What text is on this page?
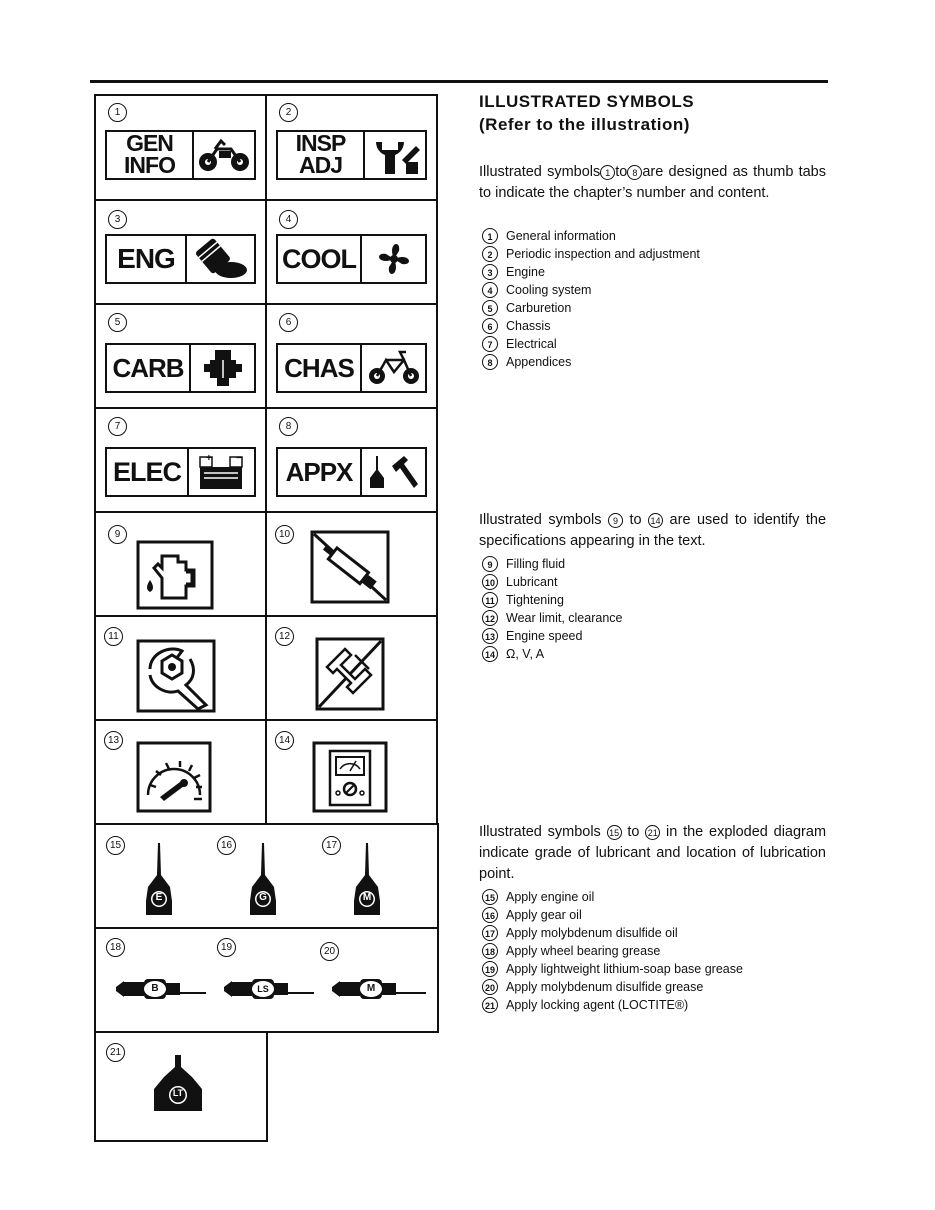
1
GEN
INFO
2
INSP
ADJ
3
ENG
4
COOL
5
CARB
6
CHAS
7
ELEC	+ −
8
APPX
9	10
11	12
13	14
15	16	17
E	G	M
18	19	20
B	LS	M
21
LT
ILLUSTRATED SYMBOLS
(Refer to the illustration)
Illustrated symbols 1 to 8 are designed as thumb tabs to indicate the chapter’s number and content.
1	General information
2	Periodic inspection and adjustment
3	Engine
4	Cooling system
5	Carburetion
6	Chassis
7	Electrical
8	Appendices
Illustrated symbols 9 to 14 are used to identify the specifications appearing in the text.
9	Filling fluid
10 Lubricant
11 Tightening
12 Wear limit, clearance
13 Engine speed
14 Ω, V, A
Illustrated symbols 15 to 21 in the exploded diagram indicate grade of lubricant and location of lubrication point.
15 Apply engine oil
16 Apply gear oil
17 Apply molybdenum disulfide oil
18 Apply wheel bearing grease
19 Apply lightweight lithium-soap base grease
20 Apply molybdenum disulfide grease
21 Apply locking agent (LOCTITE®)
